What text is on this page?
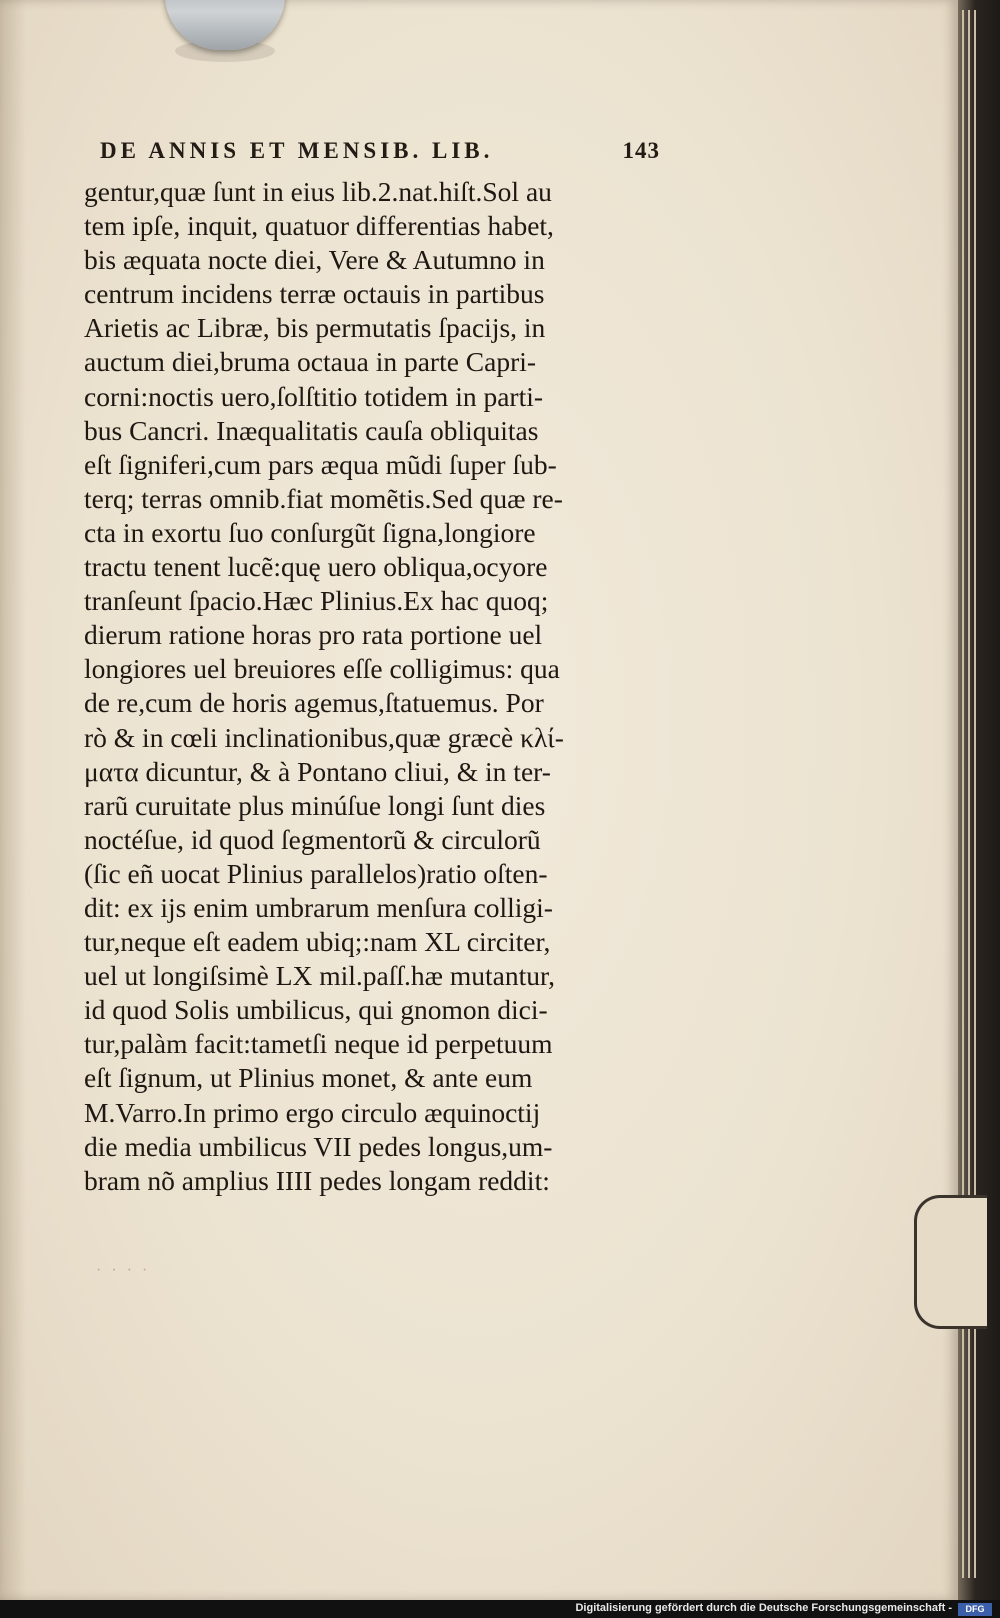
DE ANNIS ET MENSIB. LIB.	143
gentur,quæ ſunt in eius lib.2.nat.hiſt.Sol au
tem ipſe, inquit, quatuor differentias habet,
bis æquata nocte diei, Vere & Autumno in
centrum incidens terræ octauis in partibus
Arietis ac Libræ, bis permutatis ſpacijs, in
auctum diei,bruma octaua in parte Capri-
corni:noctis uero,ſolſtitio totidem in parti-
bus Cancri. Inæqualitatis cauſa obliquitas
eſt ſigniferi,cum pars æqua mũdi ſuper ſub-
terq; terras omnib.fiat momẽtis.Sed quæ re-
cta in exortu ſuo conſurgũt ſigna,longiore
tractu tenent lucẽ:quę uero obliqua,ocyore
tranſeunt ſpacio.Hæc Plinius.Ex hac quoq;
dierum ratione horas pro rata portione uel
longiores uel breuiores eſſe colligimus: qua
de re,cum de horis agemus,ſtatuemus. Por
rò & in cœli inclinationibus,quæ græcè κλί-
ματα dicuntur, & à Pontano cliui, & in ter-
rarũ curuitate plus minúſue longi ſunt dies
noctéſue, id quod ſegmentorũ & circulorũ
(ſic eñ uocat Plinius parallelos)ratio oſten-
dit: ex ijs enim umbrarum menſura colligi-
tur,neque eſt eadem ubiq;:nam XL circiter,
uel ut longiſsimè LX mil.paſſ.hæ mutantur,
id quod Solis umbilicus, qui gnomon dici-
tur,palàm facit:tametſi neque id perpetuum
eſt ſignum, ut Plinius monet, & ante eum
M.Varro.In primo ergo circulo æquinoctij
die media umbilicus VII pedes longus,um-
bram nõ amplius IIII pedes longam reddit:
· · · ·
Digitalisierung gefördert durch die Deutsche Forschungsgemeinschaft -	DFG
